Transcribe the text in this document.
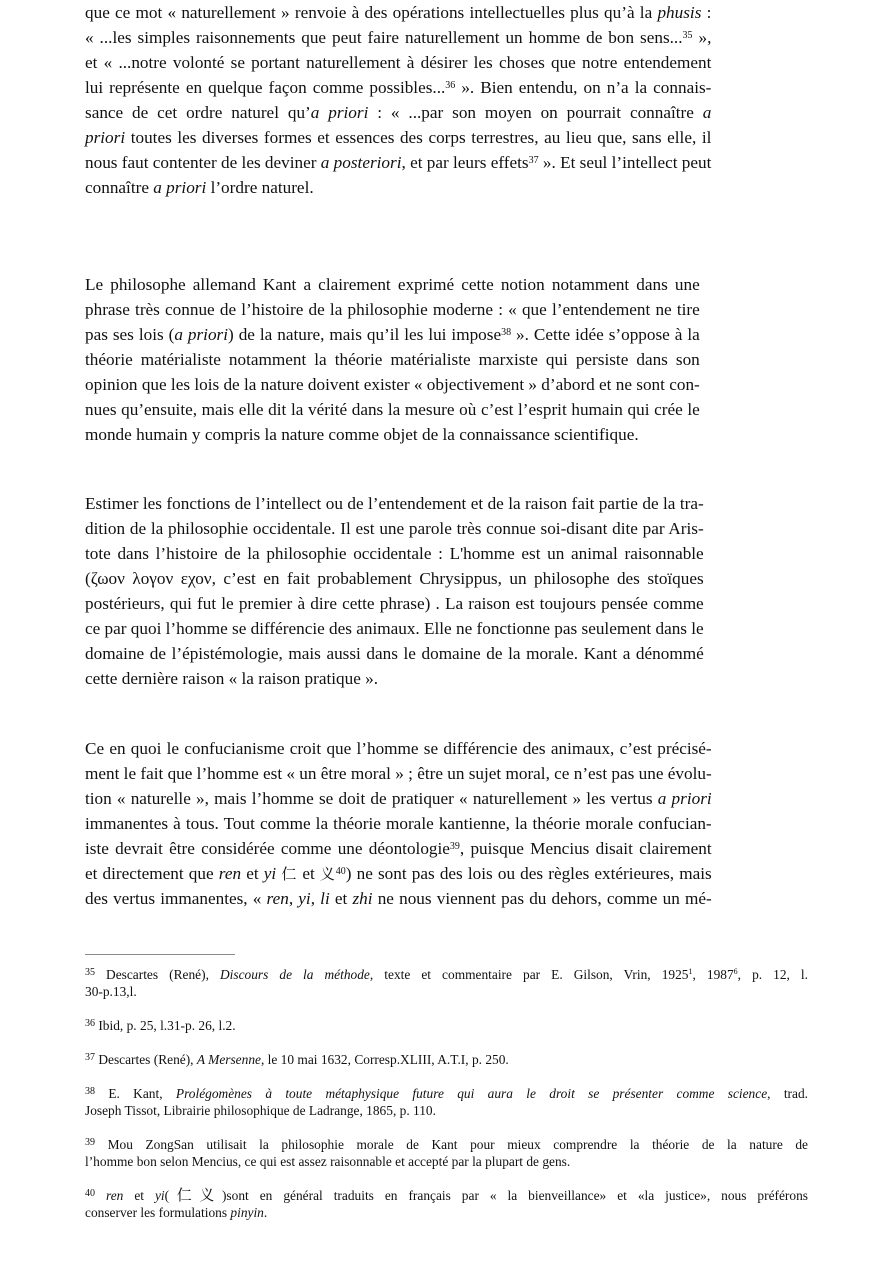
que ce mot « naturellement » renvoie à des opérations intellectuelles plus qu’à la phusis :
« ...les simples raisonnements que peut faire naturellement un homme de bon sens...$^{35}$ »,
et « ...notre volonté se portant naturellement à désirer les choses que notre entendement
lui représente en quelque façon comme possibles...$^{36}$ ». Bien entendu, on n’a la connais-
sance de cet ordre naturel qu’a priori : « ...par son moyen on pourrait connaître a
priori toutes les diverses formes et essences des corps terrestres, au lieu que, sans elle, il
nous faut contenter de les deviner a posteriori, et par leurs effets$^{37}$ ». Et seul l’intellect peut
connaître a priori l’ordre naturel.
Le philosophe allemand Kant a clairement exprimé cette notion notamment dans une
phrase très connue de l’histoire de la philosophie moderne : « que l’entendement ne tire
pas ses lois (a priori) de la nature, mais qu’il les lui impose$^{38}$ ». Cette idée s’oppose à la
théorie matérialiste notamment la théorie matérialiste marxiste qui persiste dans son
opinion que les lois de la nature doivent exister « objectivement » d’abord et ne sont con-
nues qu’ensuite, mais elle dit la vérité dans la mesure où c’est l’esprit humain qui crée le
monde humain y compris la nature comme objet de la connaissance scientifique.
Estimer les fonctions de l’intellect ou de l’entendement et de la raison fait partie de la tra-
dition de la philosophie occidentale. Il est une parole très connue soi-disant dite par Aris-
tote dans l’histoire de la philosophie occidentale : L'homme est un animal raisonnable
(ζωον λογον εχον, c’est en fait probablement Chrysippus, un philosophe des stoïques
postérieurs, qui fut le premier à dire cette phrase) . La raison est toujours pensée comme
ce par quoi l’homme se différencie des animaux. Elle ne fonctionne pas seulement dans le
domaine de l’épistémologie, mais aussi dans le domaine de la morale. Kant a dénommé
cette dernière raison « la raison pratique ».
Ce en quoi le confucianisme croit que l’homme se différencie des animaux, c’est précisé-
ment le fait que l’homme est « un être moral » ; être un sujet moral, ce n’est pas une évolu-
tion « naturelle », mais l’homme se doit de pratiquer « naturellement » les vertus a priori
immanentes à tous. Tout comme la théorie morale kantienne, la théorie morale confucian-
iste devrait être considérée comme une déontologie$^{39}$, puisque Mencius disait clairement
et directement que ren et yi 仁 et 义$^{40}$) ne sont pas des lois ou des règles extérieures, mais
des vertus immanentes, « ren, yi, li et zhi ne nous viennent pas du dehors, comme un mé-

$^{35}$ Descartes (René), Discours de la méthode, texte et commentaire par E. Gilson, Vrin, 1925$^1$, 1987$^6$, p. 12, l.
30-p.13,l.

$^{36}$ Ibid, p. 25, l.31-p. 26, l.2.

$^{37}$ Descartes (René), A Mersenne, le 10 mai 1632, Corresp.XLIII, A.T.I, p. 250.

$^{38}$ E. Kant, Prolégomènes à toute métaphysique future qui aura le droit se présenter comme science, trad.
Joseph Tissot, Librairie philosophique de Ladrange, 1865, p. 110.

$^{39}$ Mou ZongSan utilisait la philosophie morale de Kant pour mieux comprendre la théorie de la nature de
l’homme bon selon Mencius, ce qui est assez raisonnable et accepté par la plupart de gens.

$^{40}$ ren et yi(仁义)sont en général traduits en français par « la bienveillance» et «la justice», nous préférons
conserver les formulations pinyin.
